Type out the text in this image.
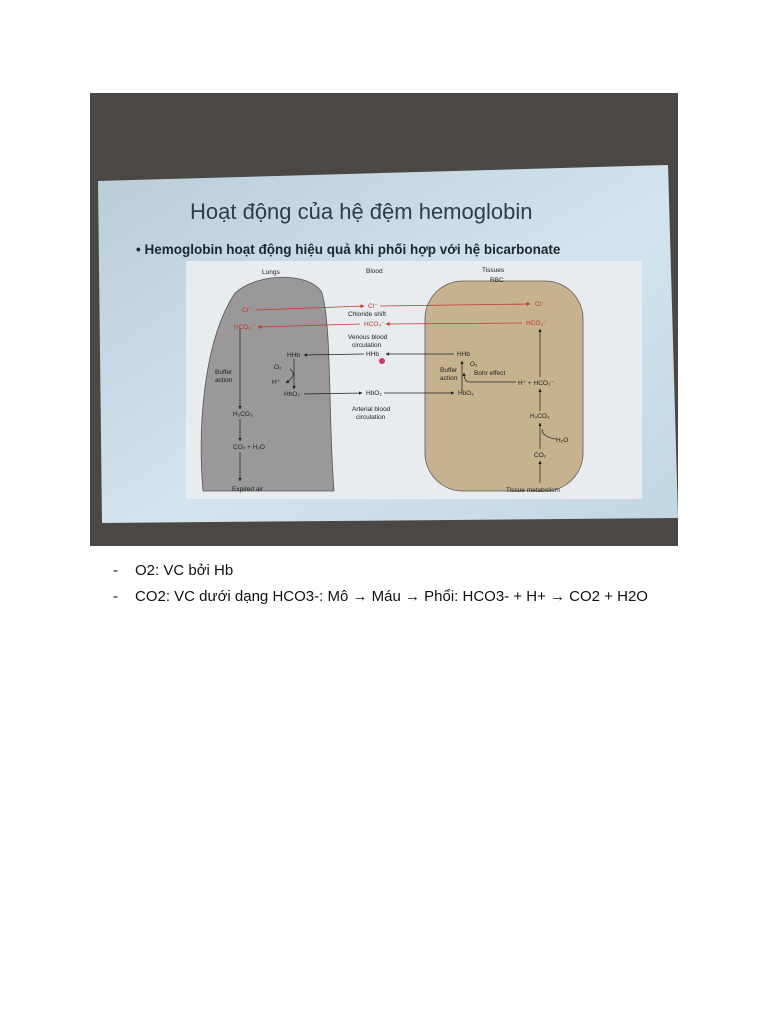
Hoạt động của hệ đệm hemoglobin
• Hemoglobin hoạt động hiệu quả khi phối hợp với hệ bicarbonate
Lungs	Blood	Tissues
RBC
Cl⁻
Cl⁻	Cl⁻
Chloride shift
HCO₃⁻	HCO₃⁻	HCO₃⁻
Venous blood
circulation
HHb	HHb	HHb
O₂
H⁺
Buffer
action
HbO₂	HbO₂	HbO₂
Arterial blood
circulation
H₂CO₃
CO₂ + H₂O
Expired air
Buffer
action
O₂
Bohr effect
H⁺ + HCO₃⁻
H₂CO₃
H₂O
CO₂
Tissue metabolism
-	O2: VC bởi Hb
-	CO2: VC dưới dạng HCO3-: Mô → Máu → Phổi: HCO3- + H+ → CO2 + H2O
